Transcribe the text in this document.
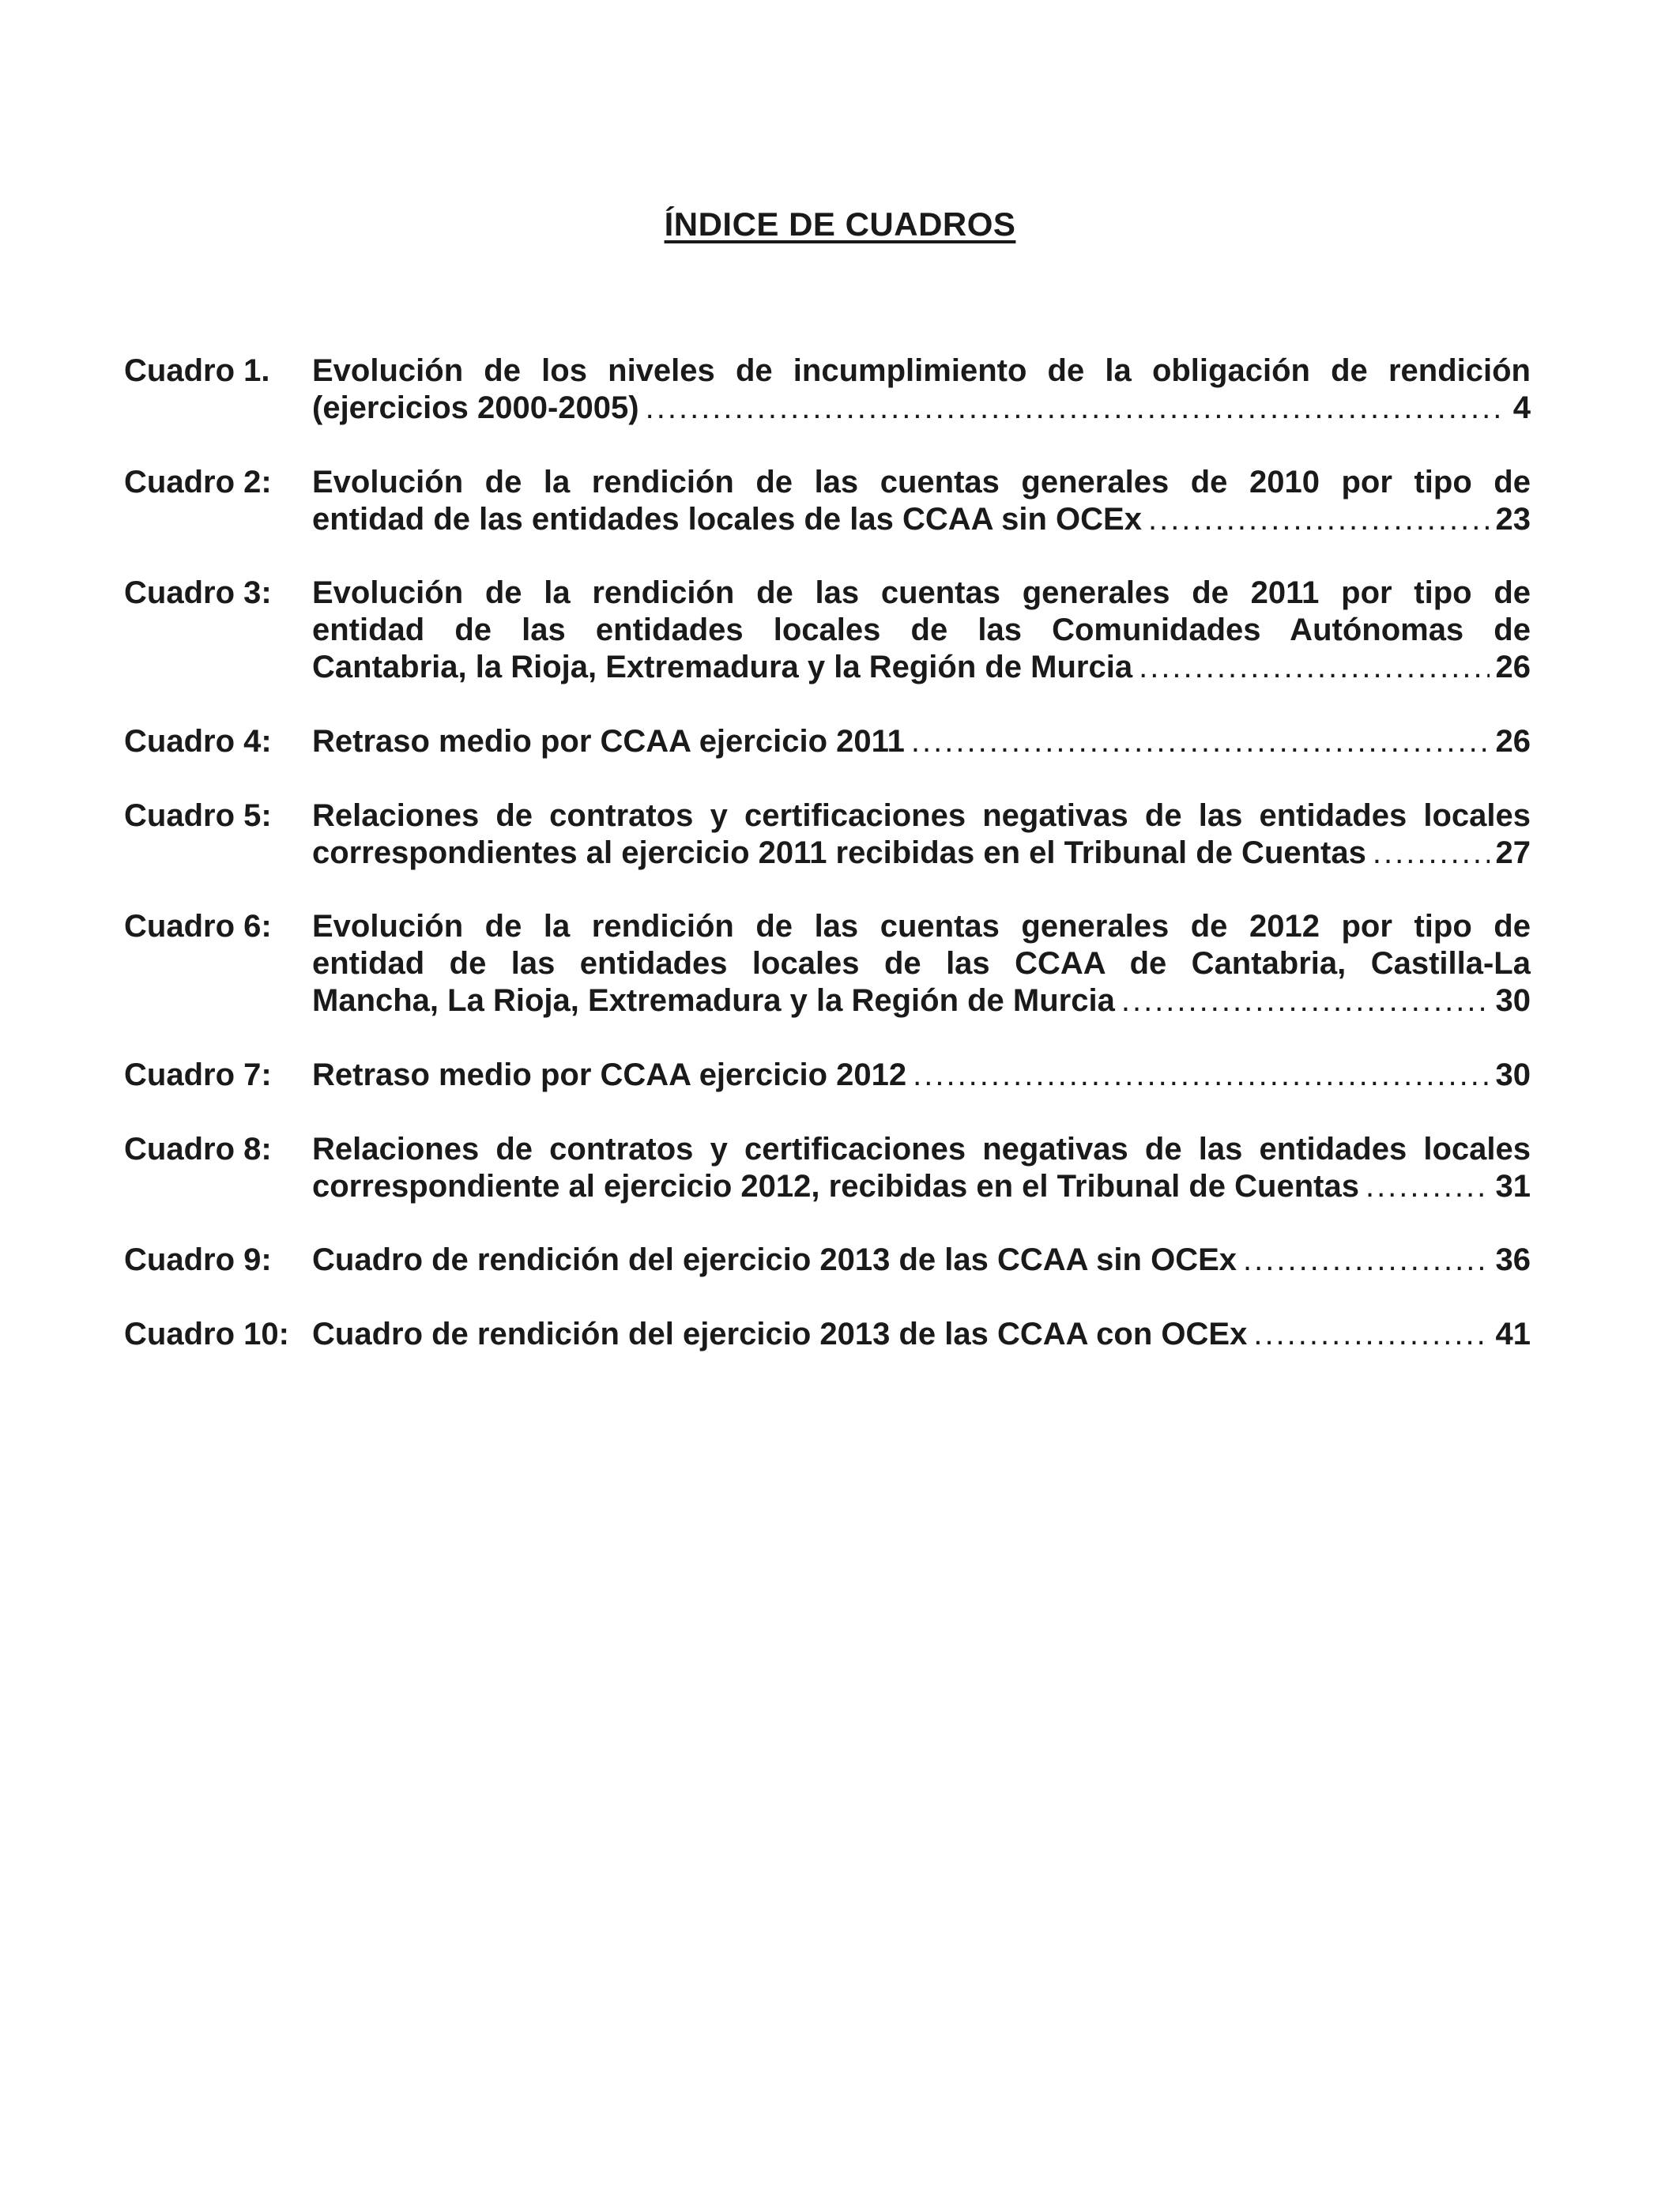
ÍNDICE DE CUADROS
Cuadro 1. Evolución de los niveles de incumplimiento de la obligación de rendición
(ejercicios 2000-2005) .....	4
Cuadro 2: Evolución de la rendición de las cuentas generales de 2010 por tipo de
entidad de las entidades locales de las CCAA sin OCEx .....	23
Cuadro 3: Evolución de la rendición de las cuentas generales de 2011 por tipo de
entidad de las entidades locales de las Comunidades Autónomas de
Cantabria, la Rioja, Extremadura y la Región de Murcia .....	26
Cuadro 4: Retraso medio por CCAA ejercicio 2011 .....	26
Cuadro 5: Relaciones de contratos y certificaciones negativas de las entidades locales
correspondientes al ejercicio 2011 recibidas en el Tribunal de Cuentas .....	27
Cuadro 6: Evolución de la rendición de las cuentas generales de 2012 por tipo de
entidad de las entidades locales de las CCAA de Cantabria, Castilla-La
Mancha, La Rioja, Extremadura y la Región de Murcia .....	30
Cuadro 7: Retraso medio por CCAA ejercicio 2012 .....	30
Cuadro 8: Relaciones de contratos y certificaciones negativas de las entidades locales
correspondiente al ejercicio 2012, recibidas en el Tribunal de Cuentas .....	31
Cuadro 9: Cuadro de rendición del ejercicio 2013 de las CCAA sin OCEx .....	36
Cuadro 10: Cuadro de rendición del ejercicio 2013 de las CCAA con OCEx .....	41
